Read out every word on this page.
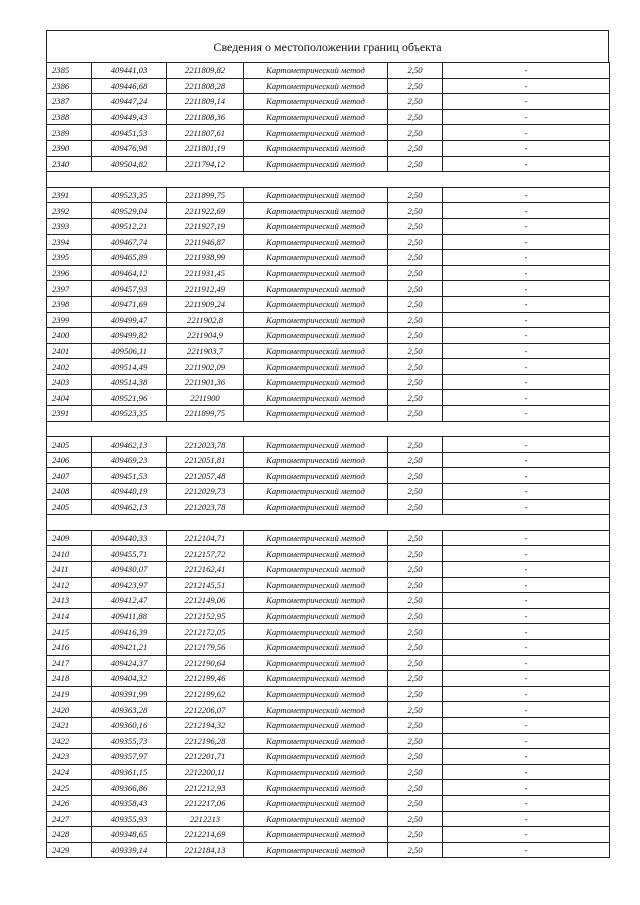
Сведения о местоположении границ объекта
2385	409441,03	2211809,82	Картометрический метод	2,50	-
2386	409446,68	2211808,28	Картометрический метод	2,50	-
2387	409447,24	2211809,14	Картометрический метод	2,50	-
2388	409449,43	2211808,36	Картометрический метод	2,50	-
2389	409451,53	2211807,61	Картометрический метод	2,50	-
2390	409476,98	2211801,19	Картометрический метод	2,50	-
2340	409504,82	2211794,12	Картометрический метод	2,50	-

2391	409523,35	2211899,75	Картометрический метод	2,50	-
2392	409529,04	2211922,69	Картометрический метод	2,50	-
2393	409512,21	2211927,19	Картометрический метод	2,50	-
2394	409467,74	2211946,87	Картометрический метод	2,50	-
2395	409465,89	2211938,99	Картометрический метод	2,50	-
2396	409464,12	2211931,45	Картометрический метод	2,50	-
2397	409457,93	2211912,49	Картометрический метод	2,50	-
2398	409471,69	2211909,24	Картометрический метод	2,50	-
2399	409499,47	2211902,8	Картометрический метод	2,50	-
2400	409499,82	2211904,9	Картометрический метод	2,50	-
2401	409506,11	2211903,7	Картометрический метод	2,50	-
2402	409514,49	2211902,09	Картометрический метод	2,50	-
2403	409514,38	2211901,36	Картометрический метод	2,50	-
2404	409521,96	2211900	Картометрический метод	2,50	-
2391	409523,35	2211899,75	Картометрический метод	2,50	-

2405	409462,13	2212023,78	Картометрический метод	2,50	-
2406	409469,23	2212051,81	Картометрический метод	2,50	-
2407	409451,53	2212057,48	Картометрический метод	2,50	-
2408	409440,19	2212029,73	Картометрический метод	2,50	-
2405	409462,13	2212023,78	Картометрический метод	2,50	-

2409	409440,33	2212104,71	Картометрический метод	2,50	-
2410	409455,71	2212157,72	Картометрический метод	2,50	-
2411	409430,07	2212162,41	Картометрический метод	2,50	-
2412	409423,97	2212145,51	Картометрический метод	2,50	-
2413	409412,47	2212149,06	Картометрический метод	2,50	-
2414	409411,88	2212152,95	Картометрический метод	2,50	-
2415	409416,39	2212172,05	Картометрический метод	2,50	-
2416	409421,21	2212179,56	Картометрический метод	2,50	-
2417	409424,37	2212190,64	Картометрический метод	2,50	-
2418	409404,32	2212199,46	Картометрический метод	2,50	-
2419	409391,99	2212199,62	Картометрический метод	2,50	-
2420	409363,28	2212206,07	Картометрический метод	2,50	-
2421	409360,16	2212194,32	Картометрический метод	2,50	-
2422	409355,73	2212196,28	Картометрический метод	2,50	-
2423	409357,97	2212201,71	Картометрический метод	2,50	-
2424	409361,15	2212200,11	Картометрический метод	2,50	-
2425	409366,86	2212212,93	Картометрический метод	2,50	-
2426	409358,43	2212217,06	Картометрический метод	2,50	-
2427	409355,93	2212213	Картометрический метод	2,50	-
2428	409348,65	2212214,69	Картометрический метод	2,50	-
2429	409339,14	2212184,13	Картометрический метод	2,50	-
